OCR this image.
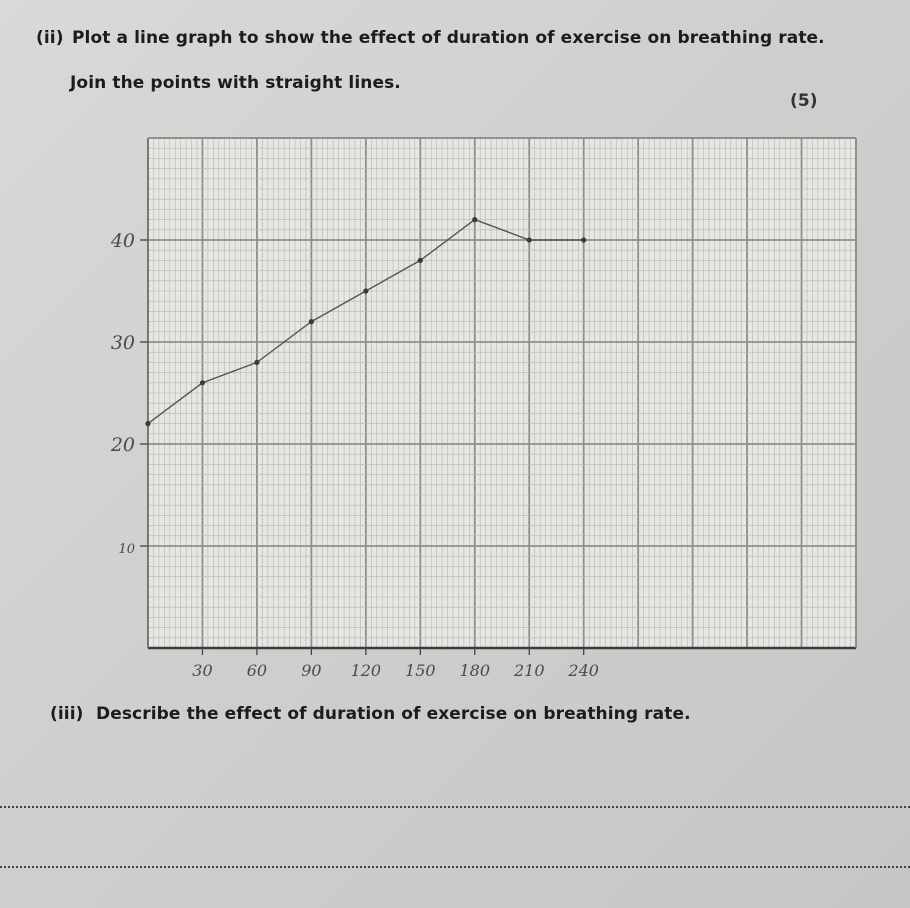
(ii) Plot a line graph to show the effect of duration of exercise on breathing rate.

Join the points with straight lines.

(5)

10
20
30
40
30 60 90 120 150 180 210 240

(iii) Describe the effect of duration of exercise on breathing rate.
